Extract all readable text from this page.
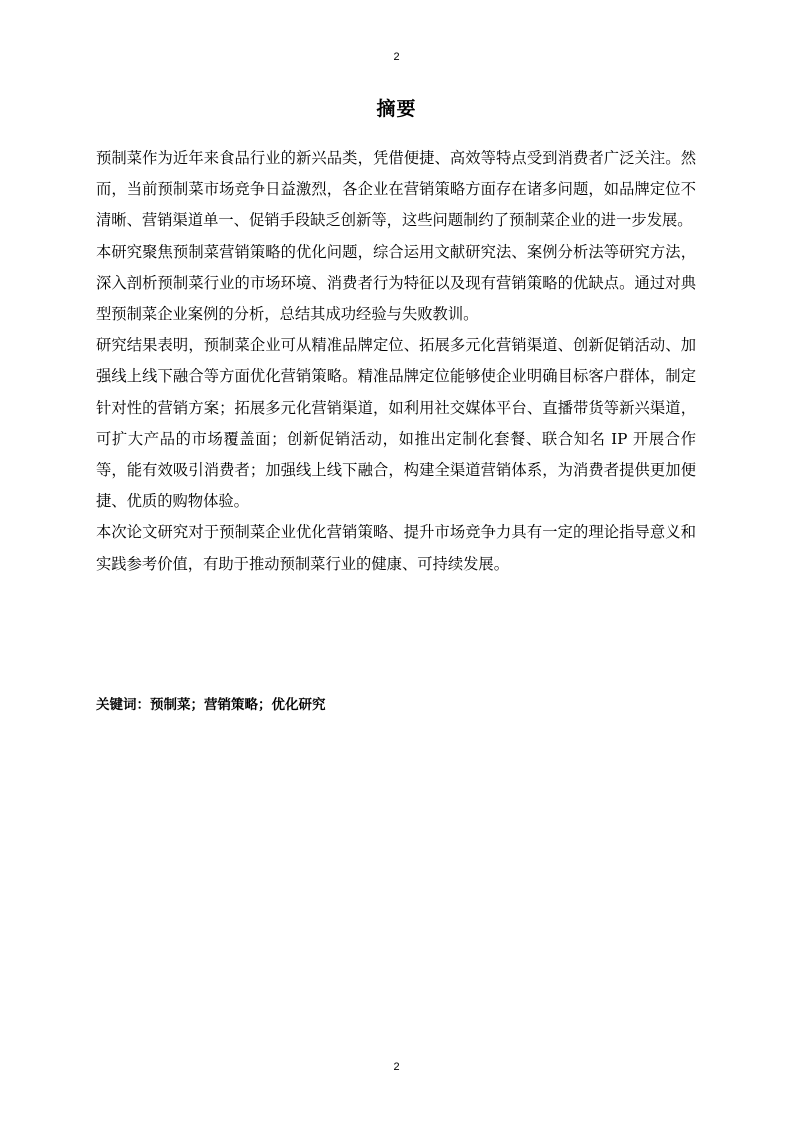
2
摘要

预制菜作为近年来食品行业的新兴品类，凭借便捷、高效等特点受到消费者广泛关注。然而，当前预制菜市场竞争日益激烈，各企业在营销策略方面存在诸多问题，如品牌定位不清晰、营销渠道单一、促销手段缺乏创新等，这些问题制约了预制菜企业的进一步发展。

本研究聚焦预制菜营销策略的优化问题，综合运用文献研究法、案例分析法等研究方法，深入剖析预制菜行业的市场环境、消费者行为特征以及现有营销策略的优缺点。通过对典型预制菜企业案例的分析，总结其成功经验与失败教训。

研究结果表明，预制菜企业可从精准品牌定位、拓展多元化营销渠道、创新促销活动、加强线上线下融合等方面优化营销策略。精准品牌定位能够使企业明确目标客户群体，制定针对性的营销方案；拓展多元化营销渠道，如利用社交媒体平台、直播带货等新兴渠道，可扩大产品的市场覆盖面；创新促销活动，如推出定制化套餐、联合知名 IP 开展合作等，能有效吸引消费者；加强线上线下融合，构建全渠道营销体系，为消费者提供更加便捷、优质的购物体验。

本次论文研究对于预制菜企业优化营销策略、提升市场竞争力具有一定的理论指导意义和实践参考价值，有助于推动预制菜行业的健康、可持续发展。

关键词：预制菜；营销策略；优化研究
2
